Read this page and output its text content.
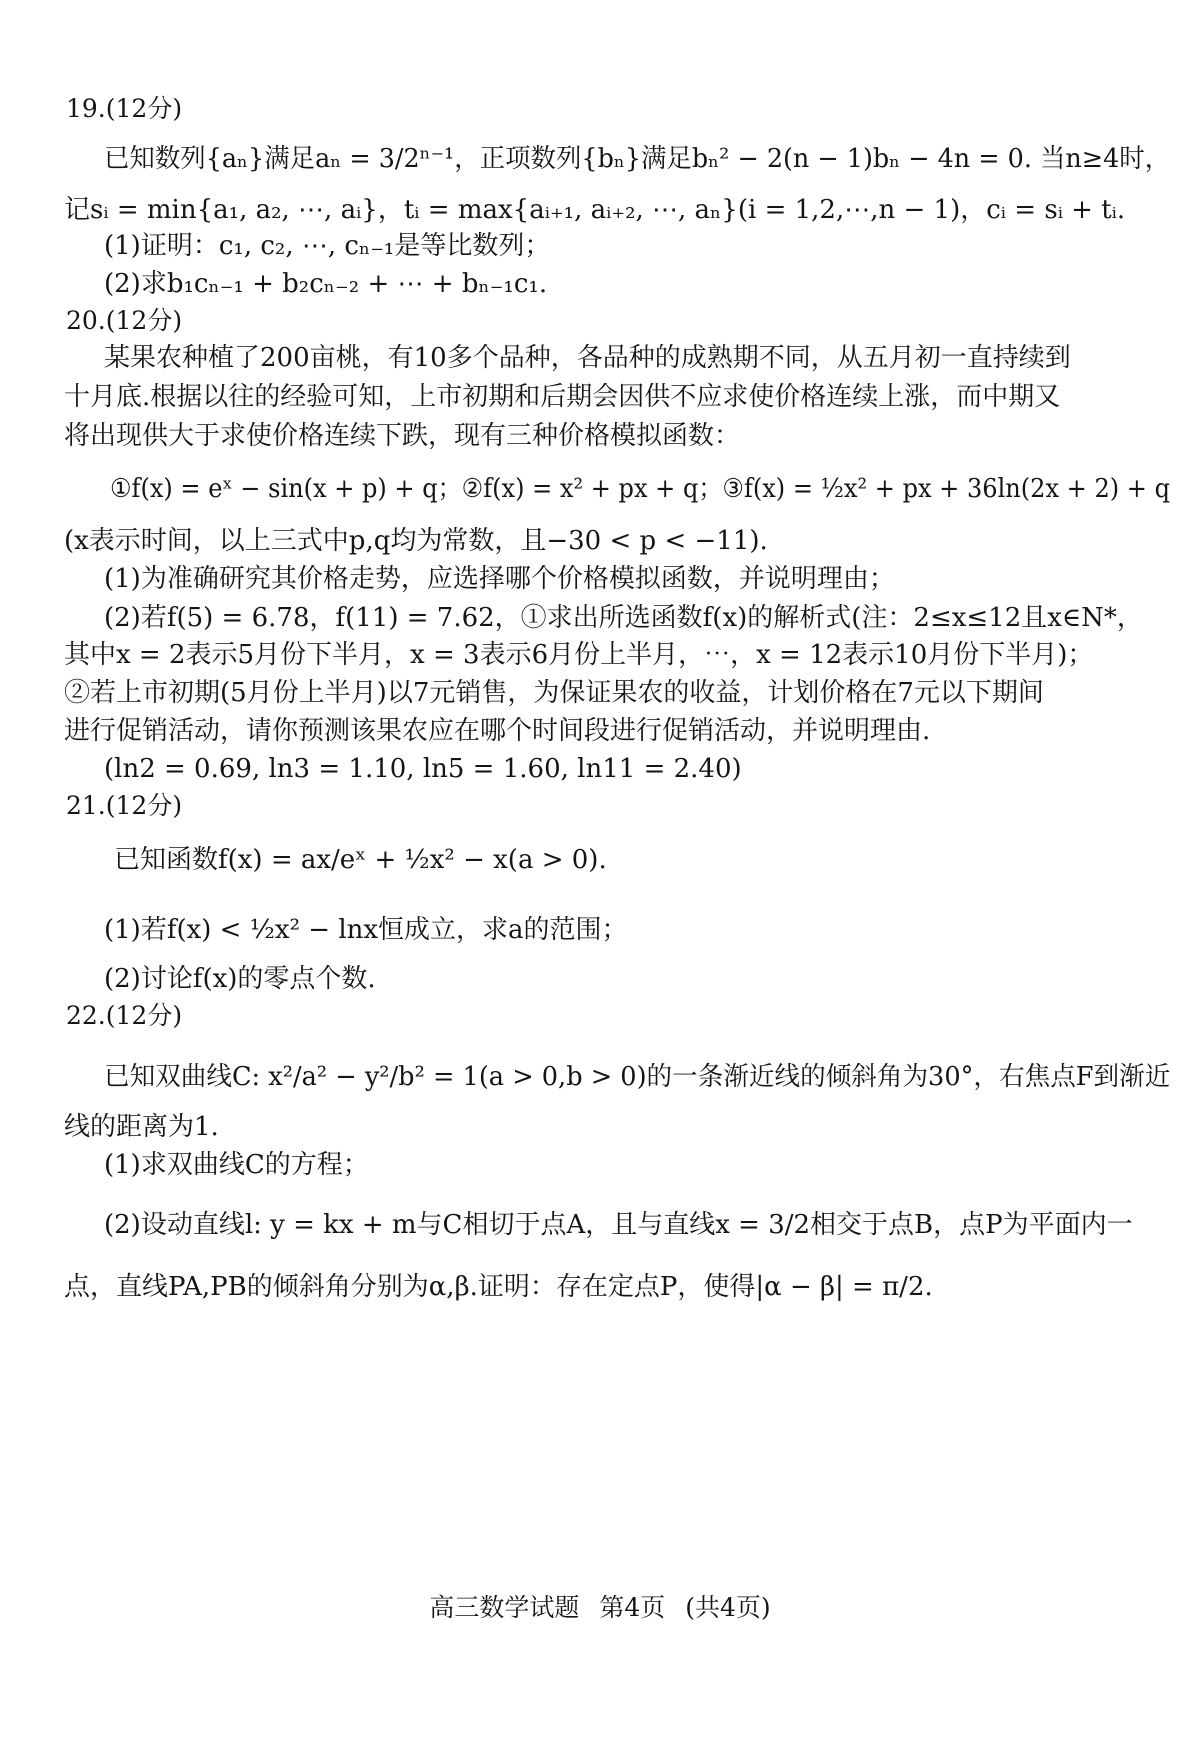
19.(12分)
已知数列{aₙ}满足aₙ = 3/2ⁿ⁻¹，正项数列{bₙ}满足bₙ² − 2(n − 1)bₙ − 4n = 0. 当n≥4时，
记sᵢ = min{a₁, a₂, ⋯, aᵢ}，tᵢ = max{aᵢ₊₁, aᵢ₊₂, ⋯, aₙ}(i = 1,2,⋯,n − 1)，cᵢ = sᵢ + tᵢ.
(1)证明：c₁, c₂, ⋯, cₙ₋₁是等比数列；
(2)求b₁cₙ₋₁ + b₂cₙ₋₂ + ⋯ + bₙ₋₁c₁.
20.(12分)
某果农种植了200亩桃，有10多个品种，各品种的成熟期不同，从五月初一直持续到
十月底.根据以往的经验可知，上市初期和后期会因供不应求使价格连续上涨，而中期又
将出现供大于求使价格连续下跌，现有三种价格模拟函数：
①f(x) = eˣ − sin(x + p) + q；②f(x) = x² + px + q；③f(x) = ½x² + px + 36ln(2x + 2) + q
(x表示时间，以上三式中p,q均为常数，且−30 < p < −11).
(1)为准确研究其价格走势，应选择哪个价格模拟函数，并说明理由；
(2)若f(5) = 6.78，f(11) = 7.62，①求出所选函数f(x)的解析式(注：2≤x≤12且x∈N*，
其中x = 2表示5月份下半月，x = 3表示6月份上半月，⋯，x = 12表示10月份下半月)；
②若上市初期(5月份上半月)以7元销售，为保证果农的收益，计划价格在7元以下期间
进行促销活动，请你预测该果农应在哪个时间段进行促销活动，并说明理由.
(ln2 = 0.69, ln3 = 1.10, ln5 = 1.60, ln11 = 2.40)
21.(12分)
已知函数f(x) = ax/eˣ + ½x² − x(a > 0).
(1)若f(x) < ½x² − lnx恒成立，求a的范围；
(2)讨论f(x)的零点个数.
22.(12分)
已知双曲线C: x²/a² − y²/b² = 1(a > 0,b > 0)的一条渐近线的倾斜角为30°，右焦点F到渐近
线的距离为1.
(1)求双曲线C的方程；
(2)设动直线l: y = kx + m与C相切于点A，且与直线x = 3/2相交于点B，点P为平面内一
点，直线PA,PB的倾斜角分别为α,β.证明：存在定点P，使得|α − β| = π/2.
高三数学试题 第4页 (共4页)
